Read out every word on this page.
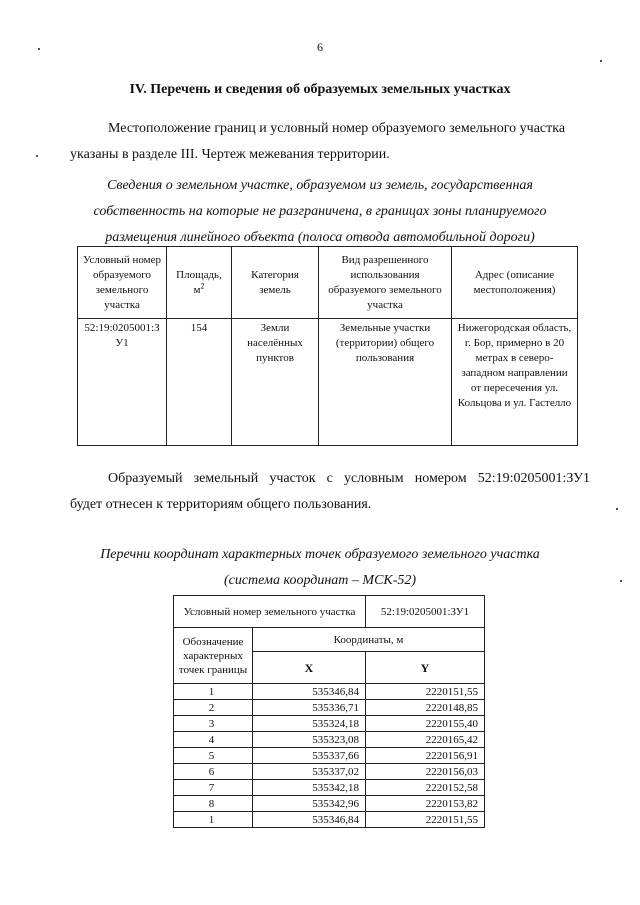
6
IV. Перечень и сведения об образуемых земельных участках
Местоположение границ и условный номер образуемого земельного участка
указаны в разделе III. Чертеж межевания территории.
Сведения о земельном участке, образуемом из земель, государственная
собственность на которые не разграничена, в границах зоны планируемого
размещения линейного объекта (полоса отвода автомобильной дороги)
Условный номер образуемого земельного участка	Площадь, $м^2$	Категория земель	Вид разрешенного использования образуемого земельного участка	Адрес (описание местоположения)
52:19:0205001:ЗУ1	154	Земли населённых пунктов	Земельные участки (территории) общего пользования	Нижегородская область, г. Бор, примерно в 20 метрах в северо-западном направлении от пересечения ул. Кольцова и ул. Гастелло
Образуемый земельный участок с условным номером 52:19:0205001:ЗУ1
будет отнесен к территориям общего пользования.
Перечни координат характерных точек образуемого земельного участка
(система координат – МСК-52)
Условный номер земельного участка		52:19:0205001:ЗУ1
Обозначение характерных точек границы	Координаты, м	
	X	Y
1	535346,84	2220151,55
2	535336,71	2220148,85
3	535324,18	2220155,40
4	535323,08	2220165,42
5	535337,66	2220156,91
6	535337,02	2220156,03
7	535342,18	2220152,58
8	535342,96	2220153,82
1	535346,84	2220151,55
